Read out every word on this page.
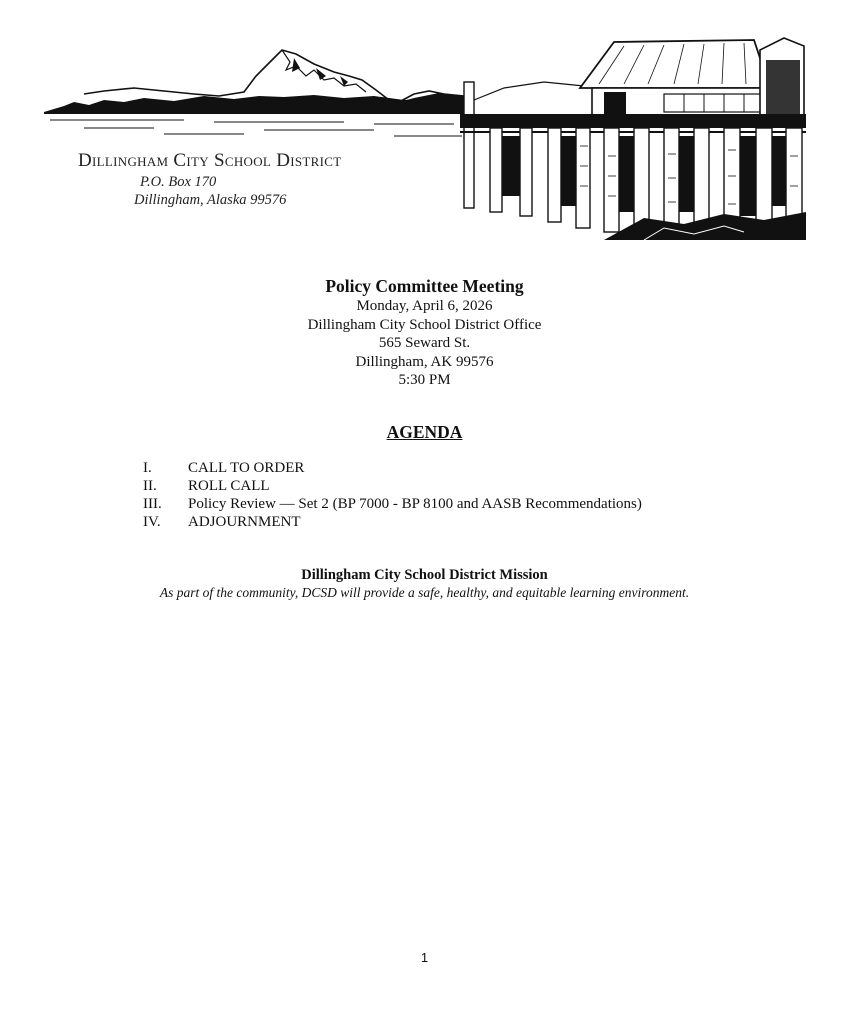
Dillingham City School District
P.O. Box 170
Dillingham, Alaska 99576
Policy Committee Meeting
Monday, April 6, 2026
Dillingham City School District Office
565 Seward St.
Dillingham, AK 99576
5:30 PM
AGENDA
I.	CALL TO ORDER
II.	ROLL CALL
III.	Policy Review — Set 2 (BP 7000 - BP 8100 and AASB Recommendations)
IV.	ADJOURNMENT
Dillingham City School District Mission
As part of the community, DCSD will provide a safe, healthy, and equitable learning environment.
1
